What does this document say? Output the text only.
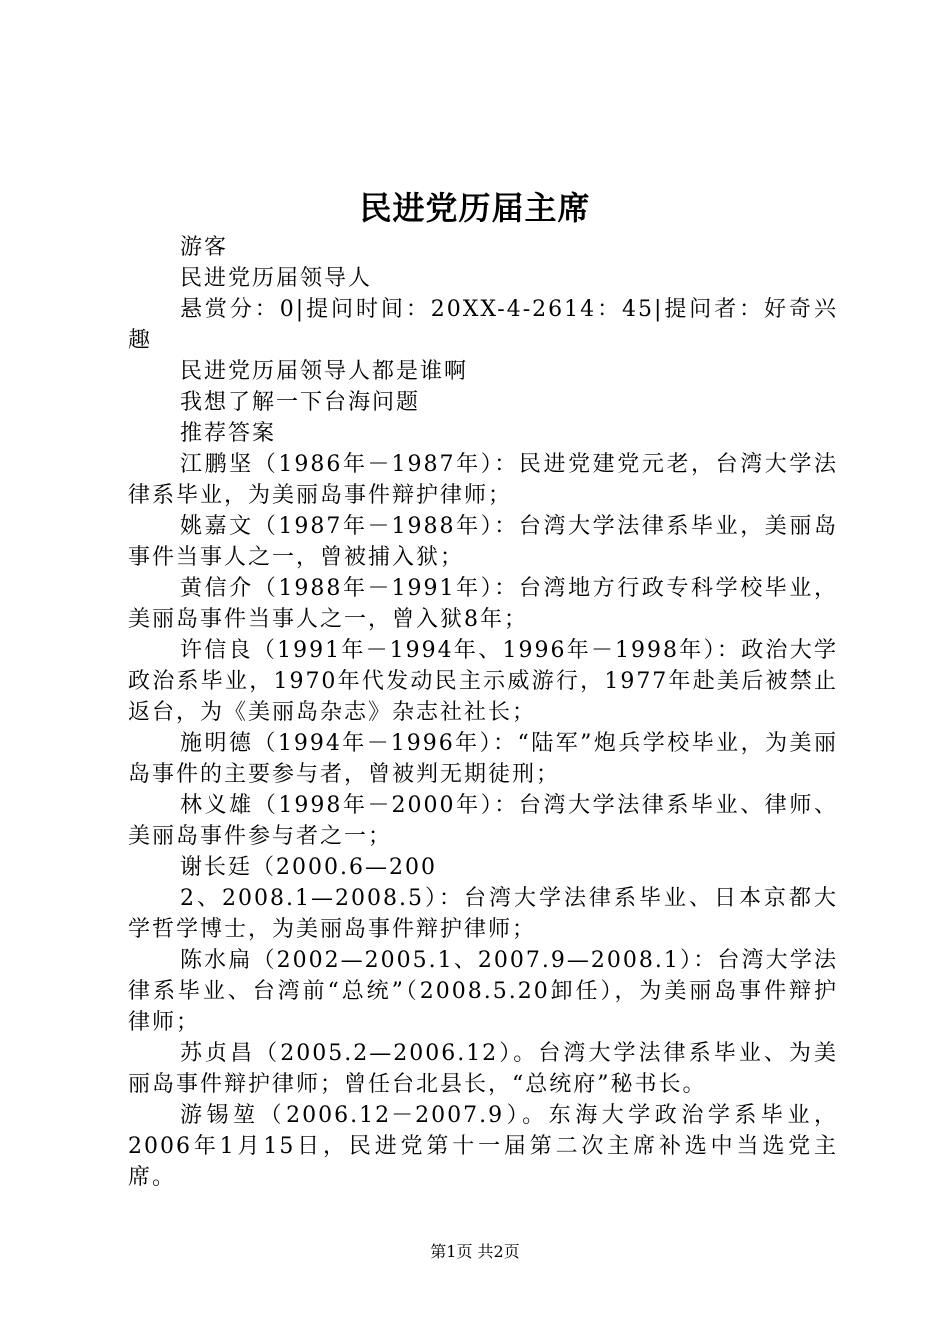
民进党历届主席

游客

民进党历届领导人

悬赏分：0|提问时间：20XX-4-2614：45|提问者：好奇兴趣

民进党历届领导人都是谁啊

我想了解一下台海问题

推荐答案

江鹏坚（1986年－1987年）：民进党建党元老，台湾大学法律系毕业，为美丽岛事件辩护律师；

姚嘉文（1987年－1988年）：台湾大学法律系毕业，美丽岛事件当事人之一，曾被捕入狱；

黄信介（1988年－1991年）：台湾地方行政专科学校毕业，美丽岛事件当事人之一，曾入狱8年；

许信良（1991年－1994年、1996年－1998年）：政治大学政治系毕业，1970年代发动民主示威游行，1977年赴美后被禁止返台，为《美丽岛杂志》杂志社社长；

施明德（1994年－1996年）：“陆军”炮兵学校毕业，为美丽岛事件的主要参与者，曾被判无期徒刑；

林义雄（1998年－2000年）：台湾大学法律系毕业、律师、美丽岛事件参与者之一；

谢长廷（2000.6—200

2、2008.1—2008.5）：台湾大学法律系毕业、日本京都大学哲学博士，为美丽岛事件辩护律师；

陈水扁（2002—2005.1、2007.9—2008.1）：台湾大学法律系毕业、台湾前“总统”（2008.5.20卸任），为美丽岛事件辩护律师；

苏贞昌（2005.2—2006.12）。台湾大学法律系毕业、为美丽岛事件辩护律师；曾任台北县长，“总统府”秘书长。

游锡堃（2006.12－2007.9）。东海大学政治学系毕业，2006年1月15日，民进党第十一届第二次主席补选中当选党主席。

第1页 共2页
